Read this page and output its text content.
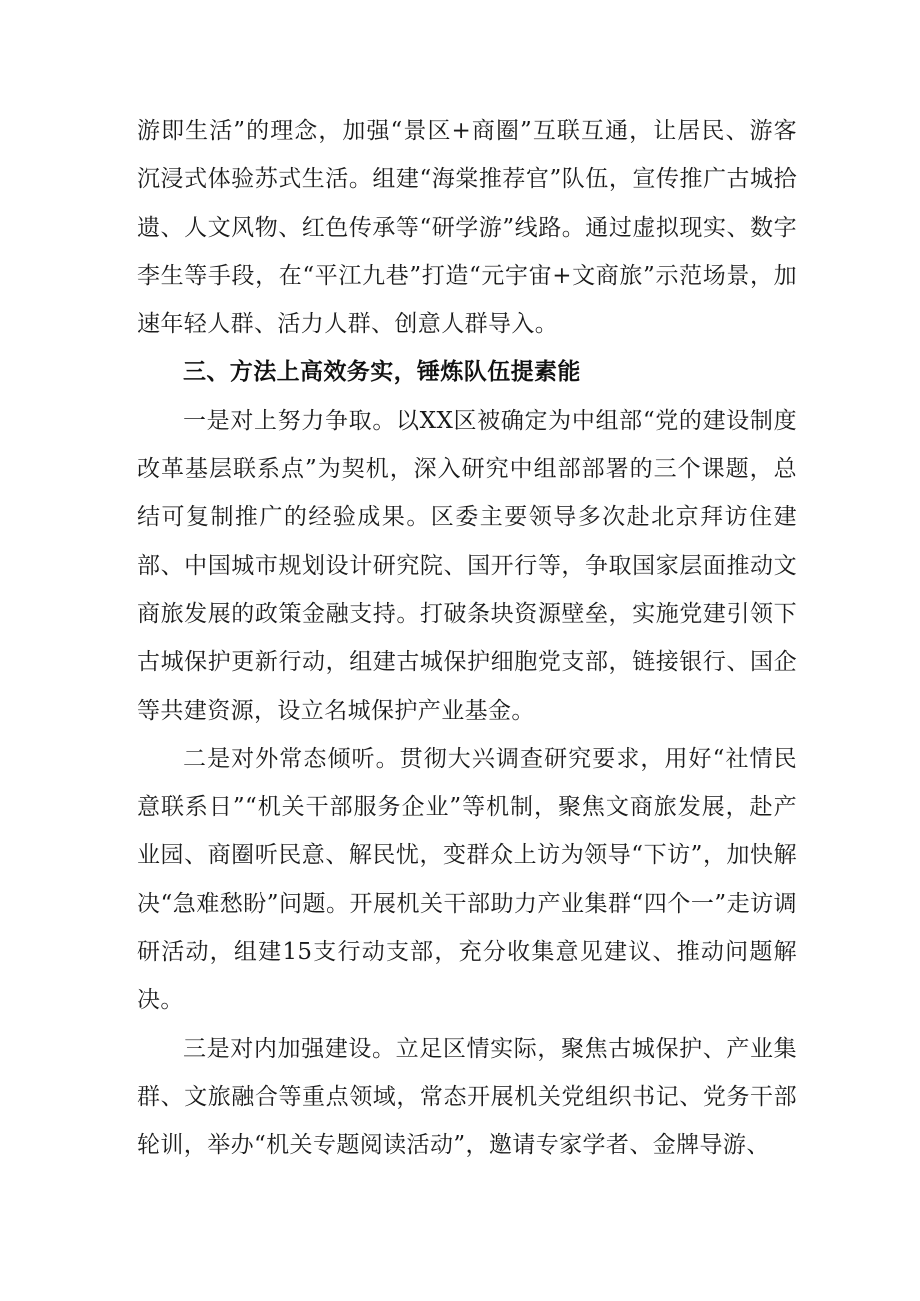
游即生活”的理念，加强“景区+商圈”互联互通，让居民、游客沉浸式体验苏式生活。组建“海棠推荐官”队伍，宣传推广古城拾遗、人文风物、红色传承等“研学游”线路。通过虚拟现实、数字李生等手段，在“平江九巷”打造“元宇宙+文商旅”示范场景，加速年轻人群、活力人群、创意人群导入。

三、方法上高效务实，锤炼队伍提素能

一是对上努力争取。以XX区被确定为中组部“党的建设制度改革基层联系点”为契机，深入研究中组部部署的三个课题，总结可复制推广的经验成果。区委主要领导多次赴北京拜访住建部、中国城市规划设计研究院、国开行等，争取国家层面推动文商旅发展的政策金融支持。打破条块资源壁垒，实施党建引领下古城保护更新行动，组建古城保护细胞党支部，链接银行、国企等共建资源，设立名城保护产业基金。

二是对外常态倾听。贯彻大兴调查研究要求，用好“社情民意联系日”“机关干部服务企业”等机制，聚焦文商旅发展，赴产业园、商圈听民意、解民忧，变群众上访为领导“下访”，加快解决“急难愁盼”问题。开展机关干部助力产业集群“四个一”走访调研活动，组建15支行动支部，充分收集意见建议、推动问题解决。

三是对内加强建设。立足区情实际，聚焦古城保护、产业集群、文旅融合等重点领域，常态开展机关党组织书记、党务干部轮训，举办“机关专题阅读活动”，邀请专家学者、金牌导游、
